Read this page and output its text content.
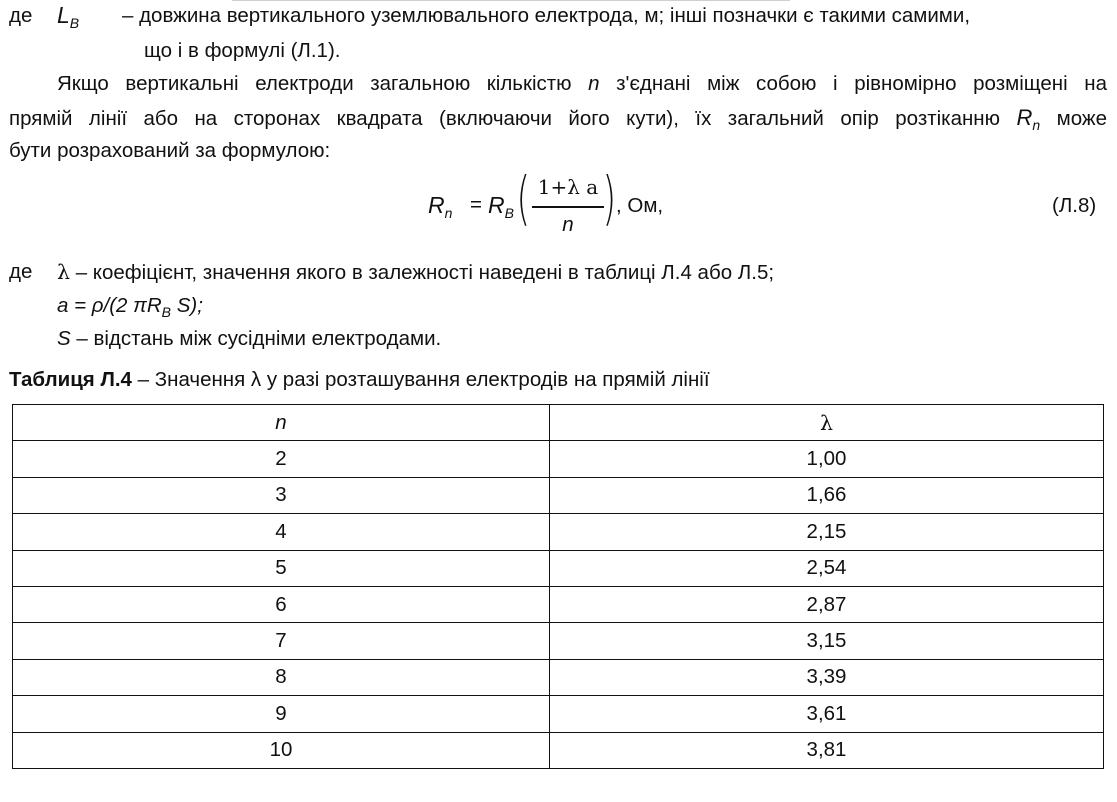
де $L_B$ – довжина вертикального уземлювального електрода, м; інші позначки є такими самими,
що і в формулі (Л.1).
Якщо вертикальні електроди загальною кількістю n з'єднані між собою і рівномірно розміщені на
прямій лінії або на сторонах квадрата (включаючи його кути), їх загальний опір розтіканню $R_n$ може
бути розрахований за формулою:
$R_n = R_B$ ( 1+λ a
n ) , Ом,	(Л.8)
де λ – коефіцієнт, значення якого в залежності наведені в таблиці Л.4 або Л.5;
a = ρ/(2 $\pi R_B$ S);
S – відстань між сусідніми електродами.
Таблиця Л.4 – Значення λ у разі розташування електродів на прямій лінії
n	λ
2	1,00
3	1,66
4	2,15
5	2,54
6	2,87
7	3,15
8	3,39
9	3,61
10	3,81
